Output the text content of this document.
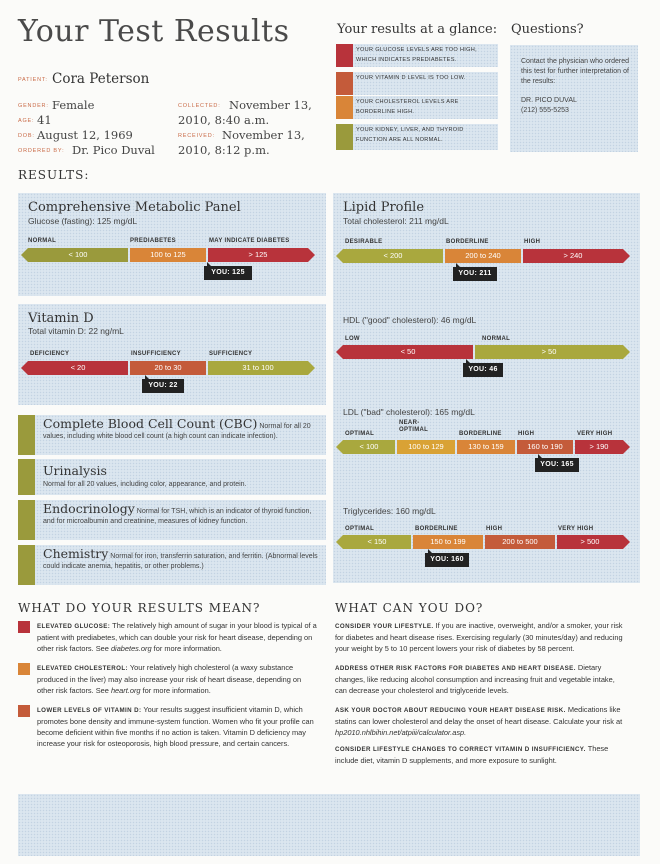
Your Test Results
PATIENT: Cora Peterson
GENDER: Female
AGE: 41
DOB: August 12, 1969
ORDERED BY: Dr. Pico Duval
COLLECTED: November 13,
2010, 8:40 a.m.
RECEIVED: November 13,
2010, 8:12 p.m.
Your results at a glance:
YOUR GLUCOSE LEVELS ARE TOO HIGH, WHICH INDICATES PREDIABETES.
YOUR VITAMIN D LEVEL IS TOO LOW.
YOUR CHOLESTEROL LEVELS ARE BORDERLINE HIGH.
YOUR KIDNEY, LIVER, AND THYROID FUNCTION ARE ALL NORMAL.
Questions?
Contact the physician who ordered this test for further interpretation of the results:
DR. PICO DUVAL
(212) 555-5253
RESULTS:
Comprehensive Metabolic Panel
Glucose (fasting): 125 mg/dL
NORMAL	PREDIABETES	MAY INDICATE DIABETES
< 100	100 to 125	> 125
YOU: 125
Vitamin D
Total vitamin D: 22 ng/mL
DEFICIENCY	INSUFFICIENCY	SUFFICIENCY
< 20	20 to 30	31 to 100
YOU: 22
Complete Blood Cell Count (CBC) Normal for all 20 values, including white blood cell count (a high count can indicate infection).
Urinalysis
Normal for all 20 values, including color, appearance, and protein.
Endocrinology Normal for TSH, which is an indicator of thyroid function, and for microalbumin and creatinine, measures of kidney function.
Chemistry Normal for iron, transferrin saturation, and ferritin. (Abnormal levels could indicate anemia, hepatitis, or other problems.)
Lipid Profile
Total cholesterol: 211 mg/dL
DESIRABLE	BORDERLINE	HIGH
< 200	200 to 240	> 240
YOU: 211
HDL ("good" cholesterol): 46 mg/dL
LOW	NORMAL
< 50	> 50
YOU: 46
LDL ("bad" cholesterol): 165 mg/dL
OPTIMAL
NEAR-
OPTIMAL
BORDERLINE	HIGH	VERY HIGH
< 100	100 to 129	130 to 159	160 to 190	> 190
YOU: 165
Triglycerides: 160 mg/dL
OPTIMAL	BORDERLINE	HIGH	VERY HIGH
< 150	150 to 199	200 to 500	> 500
YOU: 160
WHAT DO YOUR RESULTS MEAN?
ELEVATED GLUCOSE: The relatively high amount of sugar in your blood is typical of a patient with prediabetes, which can double your risk for heart disease, depending on other risk factors. See diabetes.org for more information.
ELEVATED CHOLESTEROL: Your relatively high cholesterol (a waxy substance produced in the liver) may also increase your risk of heart disease, depending on other risk factors. See heart.org for more information.
LOWER LEVELS OF VITAMIN D: Your results suggest insufficient vitamin D, which promotes bone density and immune-system function. Women who fit your profile can become deficient within five months if no action is taken. Vitamin D deficiency may increase your risk for osteoporosis, high blood pressure, and certain cancers.
WHAT CAN YOU DO?
CONSIDER YOUR LIFESTYLE. If you are inactive, overweight, and/or a smoker, your risk for diabetes and heart disease rises. Exercising regularly (30 minutes/day) and reducing your weight by 5 to 10 percent lowers your risk of diabetes by 58 percent.
ADDRESS OTHER RISK FACTORS FOR DIABETES AND HEART DISEASE. Dietary changes, like reducing alcohol consumption and increasing fruit and vegetable intake, can decrease your cholesterol and triglyceride levels.
ASK YOUR DOCTOR ABOUT REDUCING YOUR HEART DISEASE RISK. Medications like statins can lower cholesterol and delay the onset of heart disease. Calculate your risk at hp2010.nhlbihin.net/atpiii/calculator.asp.
CONSIDER LIFESTYLE CHANGES TO CORRECT VITAMIN D INSUFFICIENCY. These include diet, vitamin D supplements, and more exposure to sunlight.
